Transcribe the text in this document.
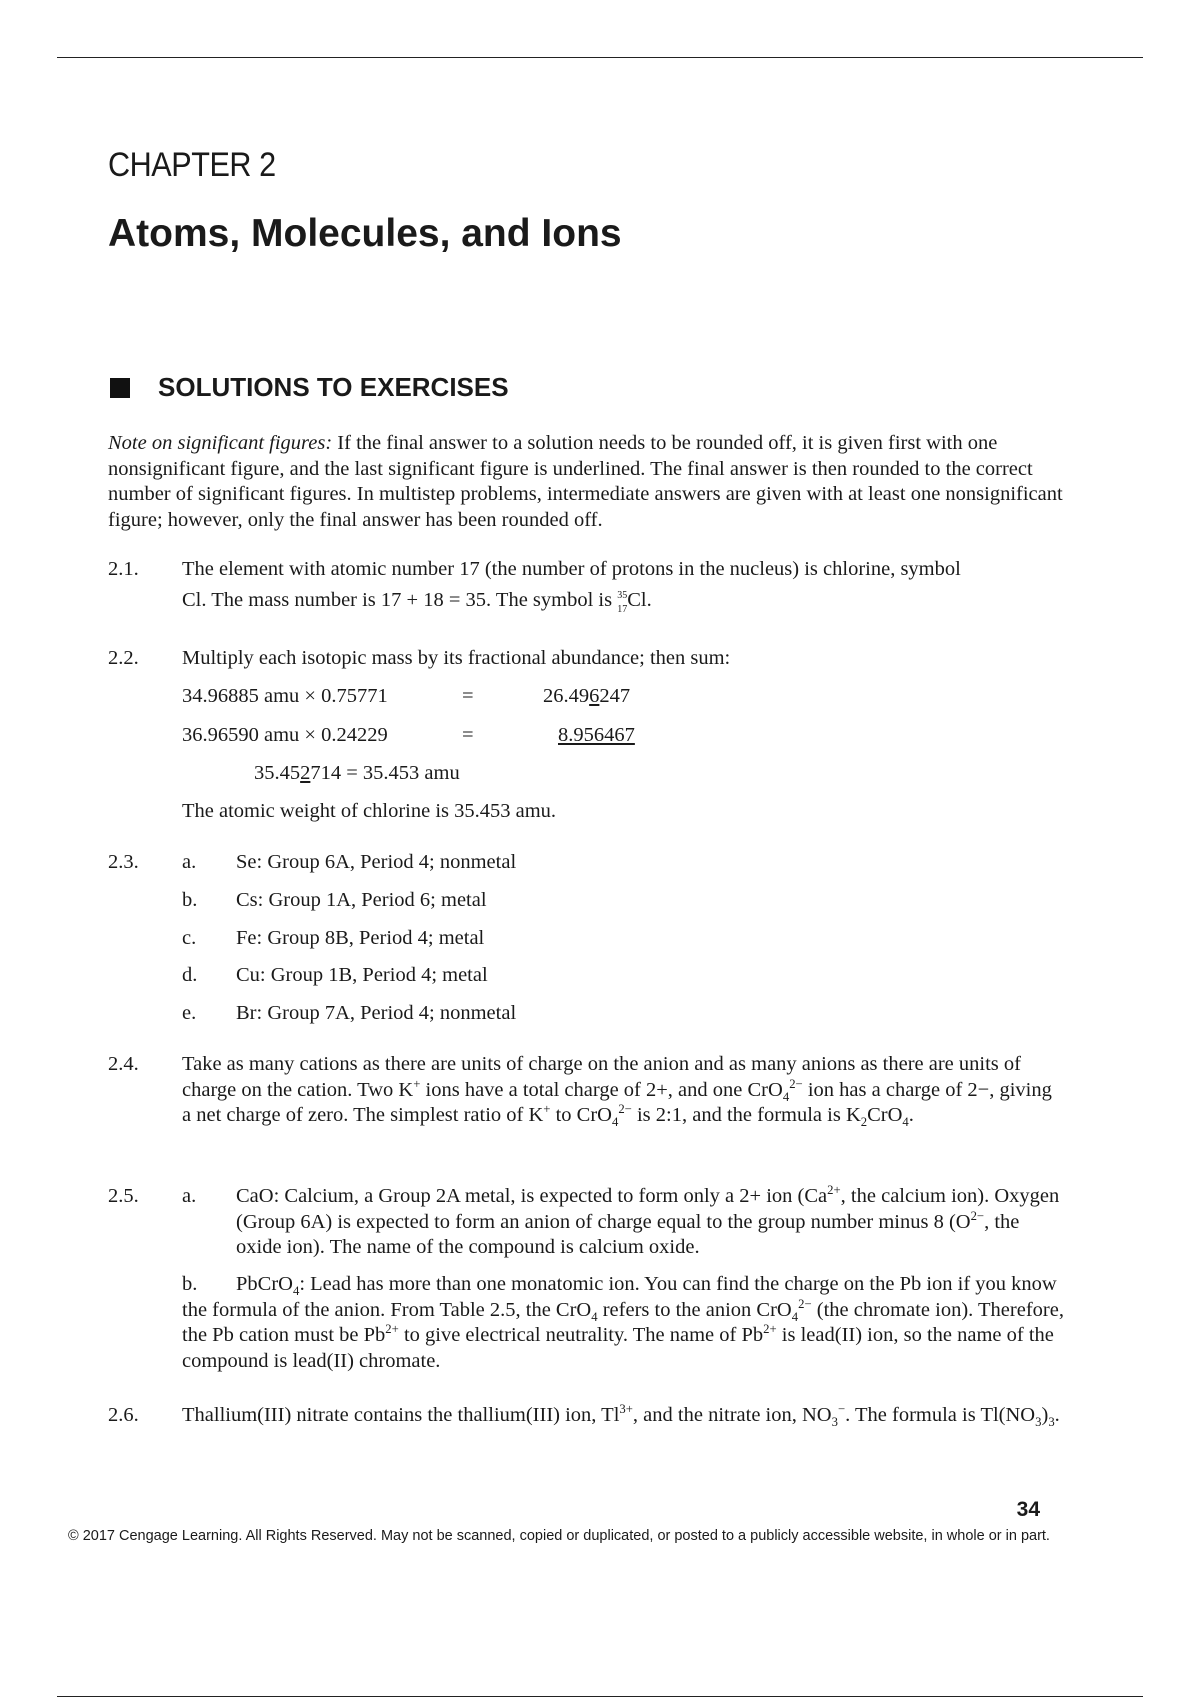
CHAPTER 2
Atoms, Molecules, and Ions
SOLUTIONS TO EXERCISES
Note on significant figures: If the final answer to a solution needs to be rounded off, it is given first with one nonsignificant figure, and the last significant figure is underlined. The final answer is then rounded to the correct number of significant figures. In multistep problems, intermediate answers are given with at least one nonsignificant figure; however, only the final answer has been rounded off.
2.1.	The element with atomic number 17 (the number of protons in the nucleus) is chlorine, symbol
Cl. The mass number is 17 + 18 = 35. The symbol is 35
17 Cl.
2.2.	Multiply each isotopic mass by its fractional abundance; then sum:
34.96885 amu × 0.75771	=	26.496247
36.96590 amu × 0.24229	=	8.956467
35.452714 = 35.453 amu
The atomic weight of chlorine is 35.453 amu.
2.3.	a. Se: Group 6A, Period 4; nonmetal
b. Cs: Group 1A, Period 6; metal
c. Fe: Group 8B, Period 4; metal
d. Cu: Group 1B, Period 4; metal
e. Br: Group 7A, Period 4; nonmetal
2.4.	Take as many cations as there are units of charge on the anion and as many anions as there are units of charge on the cation. Two K+ ions have a total charge of 2+, and one CrO$_4^{2-}$ ion has a charge of 2−, giving a net charge of zero. The simplest ratio of K+ to CrO$_4^{2-}$ is 2:1, and the formula is $K_2CrO_4$.
2.5.	a. CaO: Calcium, a Group 2A metal, is expected to form only a 2+ ion ($Ca^{2+}$, the calcium ion). Oxygen (Group 6A) is expected to form an anion of charge equal to the group number minus 8 ($O^{2-}$, the oxide ion). The name of the compound is calcium oxide.
b. PbCrO$_4$: Lead has more than one monatomic ion. You can find the charge on the Pb ion if you know the formula of the anion. From Table 2.5, the CrO$_4$ refers to the anion CrO$_4^{2-}$ (the chromate ion). Therefore, the Pb cation must be $Pb^{2+}$ to give electrical neutrality. The name of $Pb^{2+}$ is lead(II) ion, so the name of the compound is lead(II) chromate.
2.6.	Thallium(III) nitrate contains the thallium(III) ion, $Tl^{3+}$, and the nitrate ion, $NO_3^-$. The formula is $Tl(NO_3)_3$.
34
© 2017 Cengage Learning. All Rights Reserved. May not be scanned, copied or duplicated, or posted to a publicly accessible website, in whole or in part.
